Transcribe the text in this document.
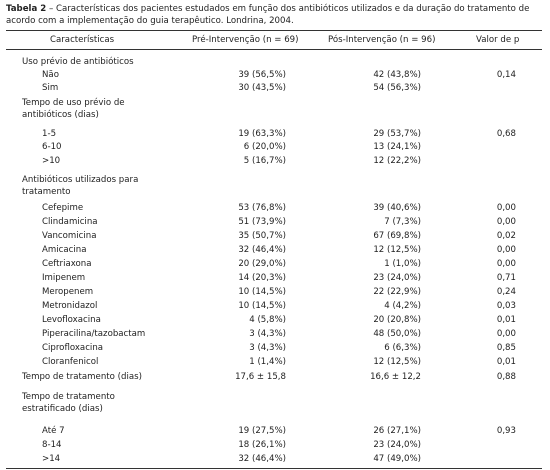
Tabela 2 – Características dos pacientes estudados em função dos antibióticos utilizados e da duração do tratamento de acordo com a implementação do guia terapêutico. Londrina, 2004.
Características	Pré-Intervenção (n = 69)	Pós-Intervenção (n = 96)	Valor de p
Uso prévio de antibióticos
Não	39 (56,5%)	42 (43,8%)	0,14
Sim	30 (43,5%)	54 (56,3%)
Tempo de uso prévio de antibióticos (dias)
1-5	19 (63,3%)	29 (53,7%)	0,68
6-10	6 (20,0%)	13 (24,1%)
>10	5 (16,7%)	12 (22,2%)
Antibióticos utilizados para tratamento
Cefepime	53 (76,8%)	39 (40,6%)	0,00
Clindamicina	51 (73,9%)	7 (7,3%)	0,00
Vancomicina	35 (50,7%)	67 (69,8%)	0,02
Amicacina	32 (46,4%)	12 (12,5%)	0,00
Ceftriaxona	20 (29,0%)	1 (1,0%)	0,00
Imipenem	14 (20,3%)	23 (24,0%)	0,71
Meropenem	10 (14,5%)	22 (22,9%)	0,24
Metronidazol	10 (14,5%)	4 (4,2%)	0,03
Levofloxacina	4 (5,8%)	20 (20,8%)	0,01
Piperacilina/tazobactam	3 (4,3%)	48 (50,0%)	0,00
Ciprofloxacina	3 (4,3%)	6 (6,3%)	0,85
Cloranfenicol	1 (1,4%)	12 (12,5%)	0,01
Tempo de tratamento (dias)	17,6 ± 15,8	16,6 ± 12,2	0,88
Tempo de tratamento estratificado (dias)
Até 7	19 (27,5%)	26 (27,1%)	0,93
8-14	18 (26,1%)	23 (24,0%)
>14	32 (46,4%)	47 (49,0%)
